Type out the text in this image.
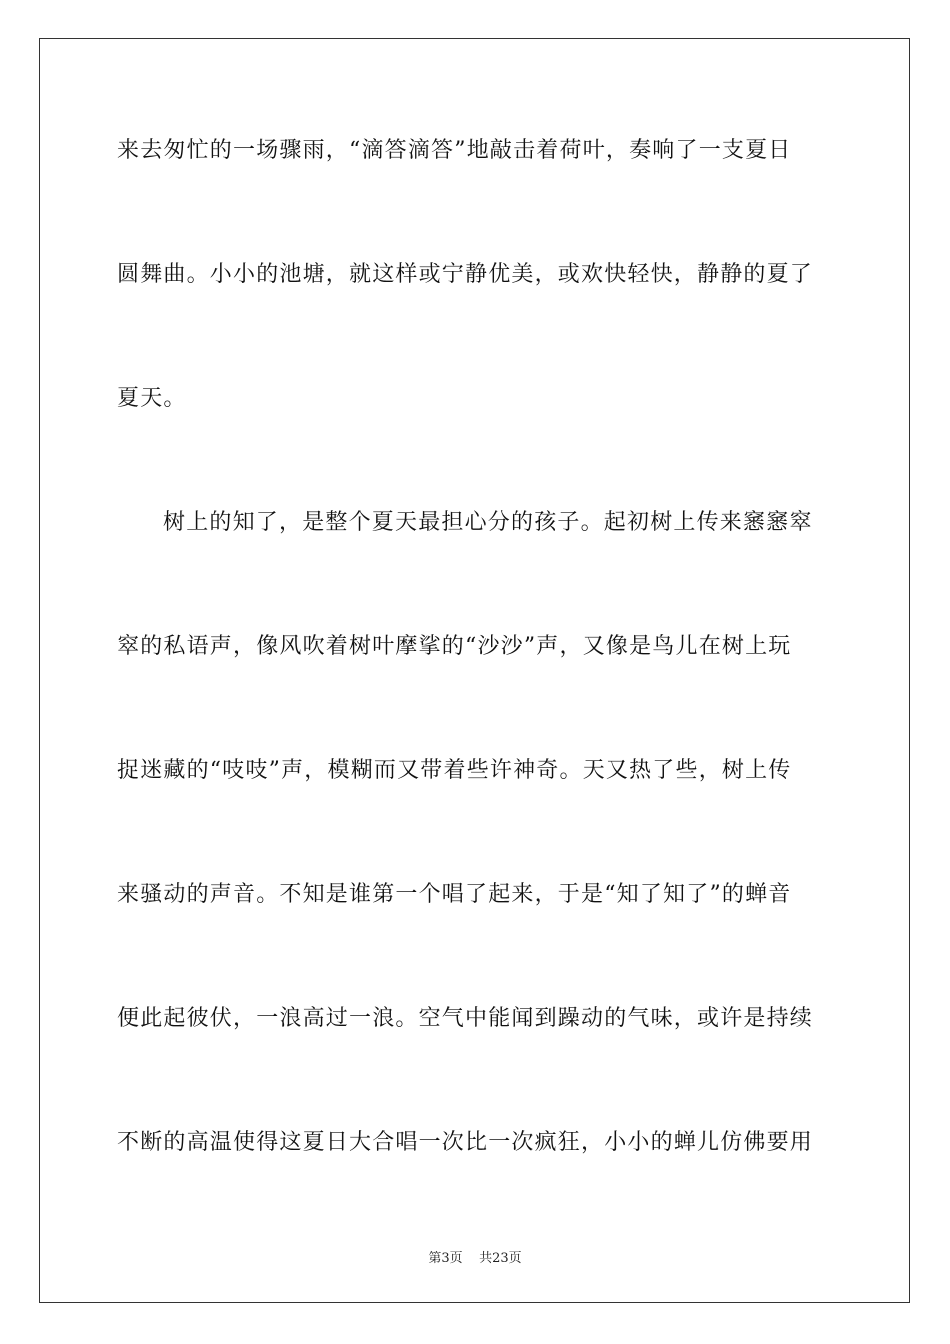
来去匆忙的一场骤雨，“滴答滴答”地敲击着荷叶，奏响了一支夏日
圆舞曲。小小的池塘，就这样或宁静优美，或欢快轻快，静静的夏了
夏天。
树上的知了，是整个夏天最担心分的孩子。起初树上传来窸窸窣
窣的私语声，像风吹着树叶摩挲的“沙沙”声，又像是鸟儿在树上玩
捉迷藏的“吱吱”声，模糊而又带着些许神奇。天又热了些，树上传
来骚动的声音。不知是谁第一个唱了起来，于是“知了知了”的蝉音
便此起彼伏，一浪高过一浪。空气中能闻到躁动的气味，或许是持续
不断的高温使得这夏日大合唱一次比一次疯狂，小小的蝉儿仿佛要用
第3页 共23页
